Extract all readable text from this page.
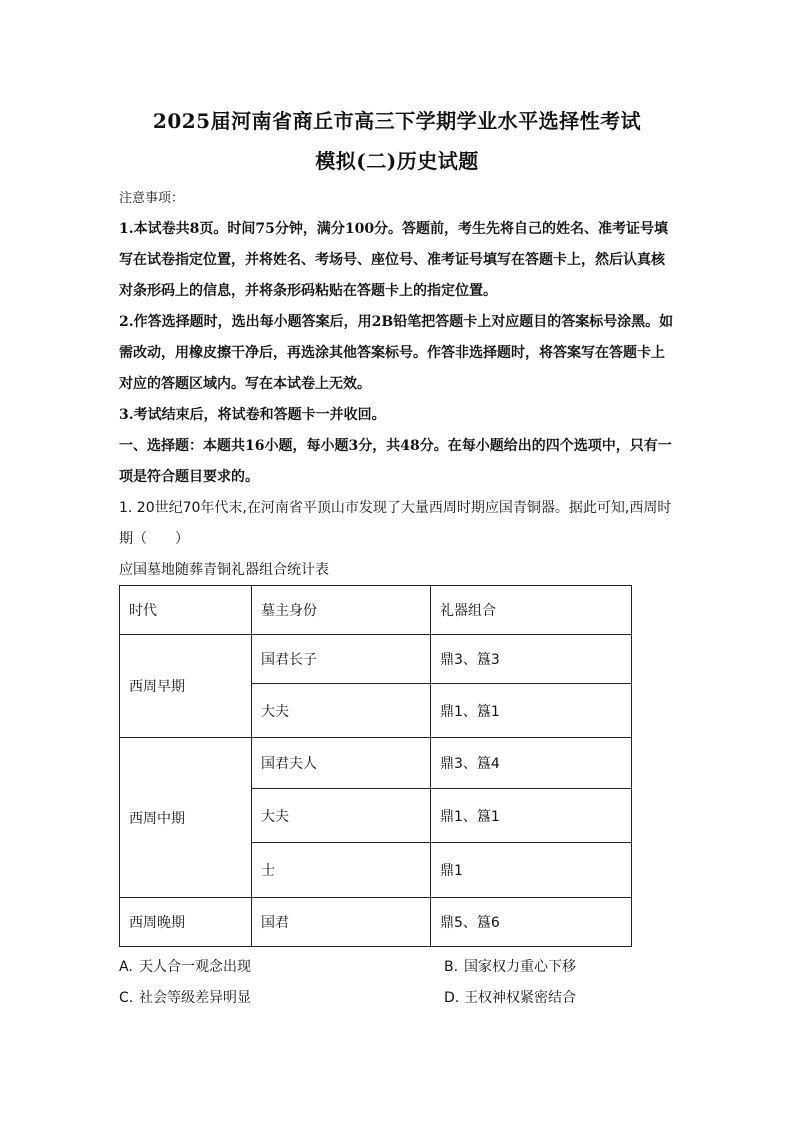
2025届河南省商丘市高三下学期学业水平选择性考试
模拟(二)历史试题

注意事项：

1.本试卷共8页。时间75分钟，满分100分。答题前，考生先将自己的姓名、准考证号填写在试卷指定位置，并将姓名、考场号、座位号、准考证号填写在答题卡上，然后认真核对条形码上的信息，并将条形码粘贴在答题卡上的指定位置。

2.作答选择题时，选出每小题答案后，用2B铅笔把答题卡上对应题目的答案标号涂黑。如需改动，用橡皮擦干净后，再选涂其他答案标号。作答非选择题时，将答案写在答题卡上对应的答题区域内。写在本试卷上无效。

3.考试结束后，将试卷和答题卡一并收回。

一、选择题：本题共16小题，每小题3分，共48分。在每小题给出的四个选项中，只有一项是符合题目要求的。

1. 20世纪70年代末,在河南省平顶山市发现了大量西周时期应国青铜器。据此可知,西周时期（　　）

应国墓地随葬青铜礼器组合统计表

时代	墓主身份	礼器组合
西周早期	国君长子	鼎3、簋3
	大夫	鼎1、簋1
西周中期	国君夫人	鼎3、簋4
	大夫	鼎1、簋1
	士	鼎1
西周晚期	国君	鼎5、簋6
A. 天人合一观念出现	B. 国家权力重心下移
C. 社会等级差异明显	D. 王权神权紧密结合
